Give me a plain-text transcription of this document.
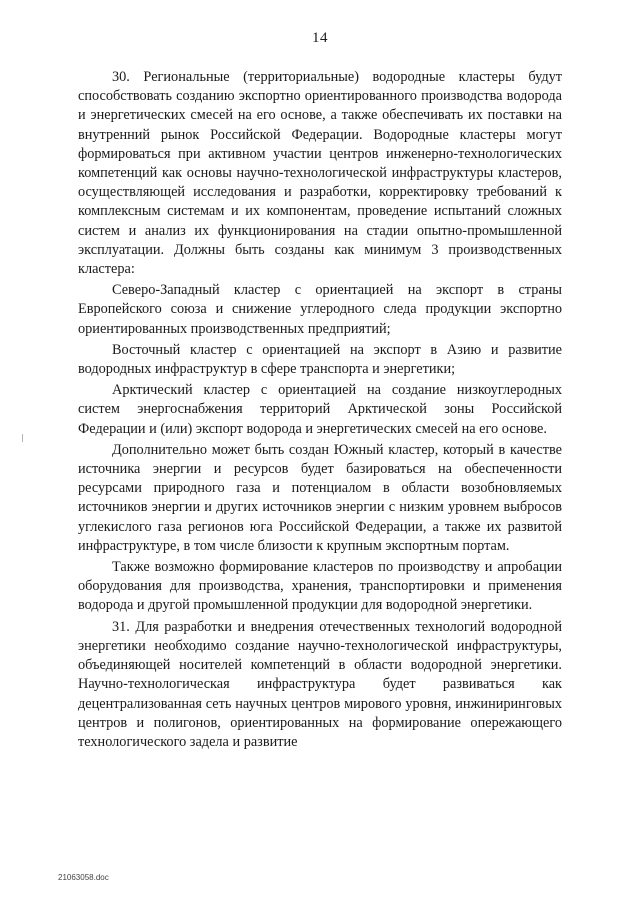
14

30. Региональные (территориальные) водородные кластеры будут способствовать созданию экспортно ориентированного производства водорода и энергетических смесей на его основе, а также обеспечивать их поставки на внутренний рынок Российской Федерации. Водородные кластеры могут формироваться при активном участии центров инженерно-технологических компетенций как основы научно-технологической инфраструктуры кластеров, осуществляющей исследования и разработки, корректировку требований к комплексным системам и их компонентам, проведение испытаний сложных систем и анализ их функционирования на стадии опытно-промышленной эксплуатации. Должны быть созданы как минимум 3 производственных кластера:

Северо-Западный кластер с ориентацией на экспорт в страны Европейского союза и снижение углеродного следа продукции экспортно ориентированных производственных предприятий;

Восточный кластер с ориентацией на экспорт в Азию и развитие водородных инфраструктур в сфере транспорта и энергетики;

Арктический кластер с ориентацией на создание низкоуглеродных систем энергоснабжения территорий Арктической зоны Российской Федерации и (или) экспорт водорода и энергетических смесей на его основе.

Дополнительно может быть создан Южный кластер, который в качестве источника энергии и ресурсов будет базироваться на обеспеченности ресурсами природного газа и потенциалом в области возобновляемых источников энергии и других источников энергии с низким уровнем выбросов углекислого газа регионов юга Российской Федерации, а также их развитой инфраструктуре, в том числе близости к крупным экспортным портам.

Также возможно формирование кластеров по производству и апробации оборудования для производства, хранения, транспортировки и применения водорода и другой промышленной продукции для водородной энергетики.

31. Для разработки и внедрения отечественных технологий водородной энергетики необходимо создание научно-технологической инфраструктуры, объединяющей носителей компетенций в области водородной энергетики. Научно-технологическая инфраструктура будет развиваться как децентрализованная сеть научных центров мирового уровня, инжиниринговых центров и полигонов, ориентированных на формирование опережающего технологического задела и развитие

21063058.doc
